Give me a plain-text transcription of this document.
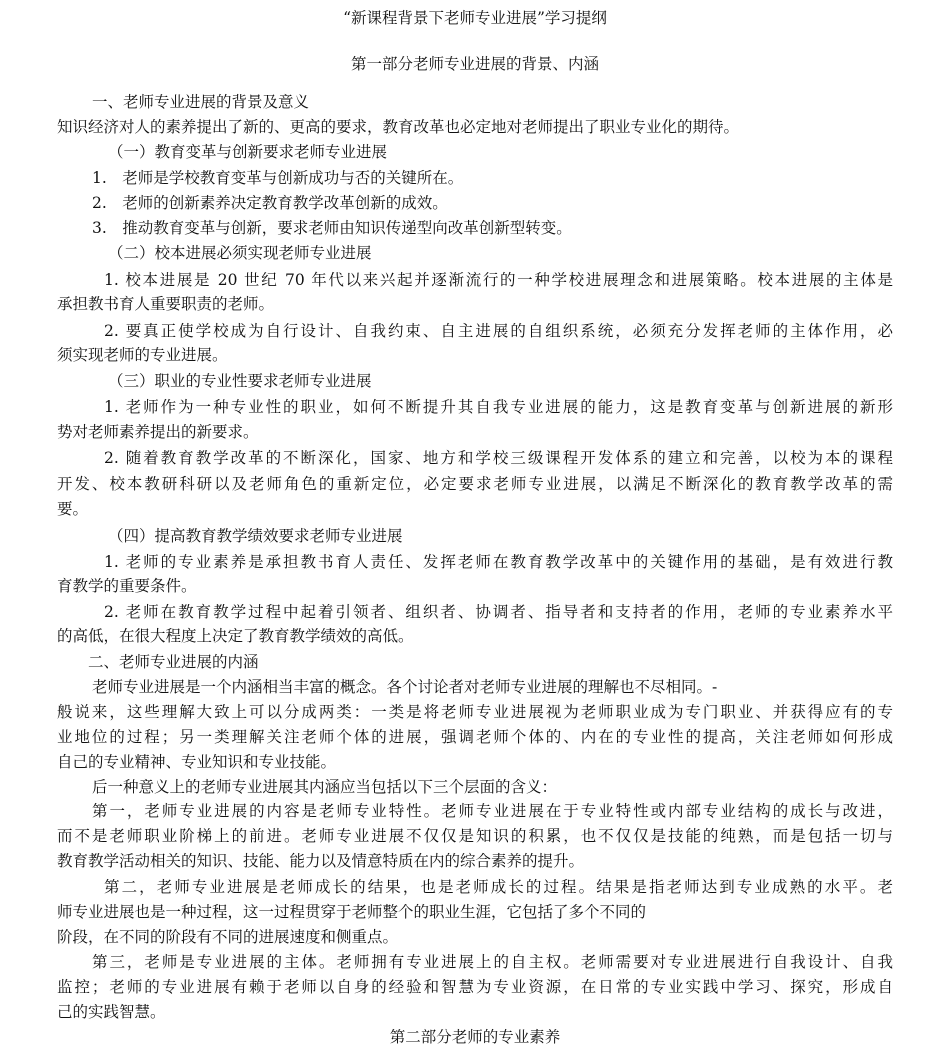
“新课程背景下老师专业进展”学习提纲
第一部分老师专业进展的背景、内涵
一、老师专业进展的背景及意义
知识经济对人的素养提出了新的、更高的要求，教育改革也必定地对老师提出了职业专业化的期待。
（一）教育变革与创新要求老师专业进展
1.　老师是学校教育变革与创新成功与否的关键所在。
2.　老师的创新素养决定教育教学改革创新的成效。
3.　推动教育变革与创新，要求老师由知识传递型向改革创新型转变。
（二）校本进展必须实现老师专业进展
1. 校本进展是 20 世纪 70 年代以来兴起并逐渐流行的一种学校进展理念和进展策略。校本进展的主体是
承担教书育人重要职责的老师。
2. 要真正使学校成为自行设计、自我约束、自主进展的自组织系统，必须充分发挥老师的主体作用，必
须实现老师的专业进展。
（三）职业的专业性要求老师专业进展
1. 老师作为一种专业性的职业，如何不断提升其自我专业进展的能力，这是教育变革与创新进展的新形
势对老师素养提出的新要求。
2. 随着教育教学改革的不断深化，国家、地方和学校三级课程开发体系的建立和完善，以校为本的课程
开发、校本教研科研以及老师角色的重新定位，必定要求老师专业进展，以满足不断深化的教育教学改革的需
要。
（四）提高教育教学绩效要求老师专业进展
1. 老师的专业素养是承担教书育人责任、发挥老师在教育教学改革中的关键作用的基础，是有效进行教
育教学的重要条件。
2. 老师在教育教学过程中起着引领者、组织者、协调者、指导者和支持者的作用，老师的专业素养水平
的高低，在很大程度上决定了教育教学绩效的高低。
二、老师专业进展的内涵
老师专业进展是一个内涵相当丰富的概念。各个讨论者对老师专业进展的理解也不尽相同。-
般说来，这些理解大致上可以分成两类：一类是将老师专业进展视为老师职业成为专门职业、并获得应有的专
业地位的过程；另一类理解关注老师个体的进展，强调老师个体的、内在的专业性的提高，关注老师如何形成
自己的专业精神、专业知识和专业技能。
后一种意义上的老师专业进展其内涵应当包括以下三个层面的含义：
第一，老师专业进展的内容是老师专业特性。老师专业进展在于专业特性或内部专业结构的成长与改进，
而不是老师职业阶梯上的前进。老师专业进展不仅仅是知识的积累，也不仅仅是技能的纯熟，而是包括一切与
教育教学活动相关的知识、技能、能力以及情意特质在内的综合素养的提升。
第二，老师专业进展是老师成长的结果，也是老师成长的过程。结果是指老师达到专业成熟的水平。老
师专业进展也是一种过程，这一过程贯穿于老师整个的职业生涯，它包括了多个不同的
阶段，在不同的阶段有不同的进展速度和侧重点。
第三，老师是专业进展的主体。老师拥有专业进展上的自主权。老师需要对专业进展进行自我设计、自我
监控；老师的专业进展有赖于老师以自身的经验和智慧为专业资源，在日常的专业实践中学习、探究，形成自
己的实践智慧。
第二部分老师的专业素养
